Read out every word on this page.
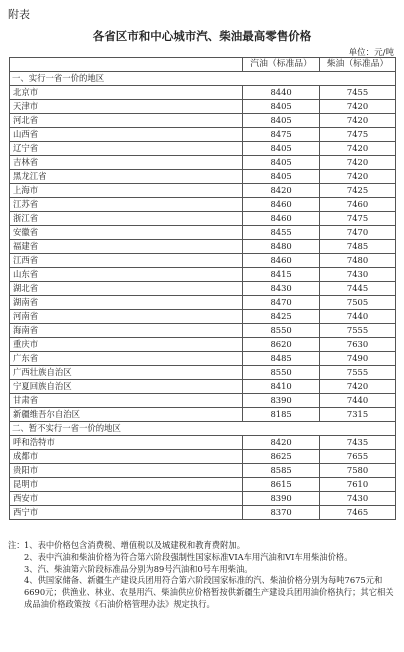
附表
各省区市和中心城市汽、柴油最高零售价格
单位：元/吨
	汽油（标准品）	柴油（标准品）
一、实行一省一价的地区		
北京市	8440	7455
天津市	8405	7420
河北省	8405	7420
山西省	8475	7475
辽宁省	8405	7420
吉林省	8405	7420
黑龙江省	8405	7420
上海市	8420	7425
江苏省	8460	7460
浙江省	8460	7475
安徽省	8455	7470
福建省	8480	7485
江西省	8460	7480
山东省	8415	7430
湖北省	8430	7445
湖南省	8470	7505
河南省	8425	7440
海南省	8550	7555
重庆市	8620	7630
广东省	8485	7490
广西壮族自治区	8550	7555
宁夏回族自治区	8410	7420
甘肃省	8390	7440
新疆维吾尔自治区	8185	7315
二、暂不实行一省一价的地区		
呼和浩特市	8420	7435
成都市	8625	7655
贵阳市	8585	7580
昆明市	8615	7610
西安市	8390	7430
西宁市	8370	7465

注：1、表中价格包含消费税、增值税以及城建税和教育费附加。

2、表中汽油和柴油价格为符合第六阶段强制性国家标准VIA车用汽油和VI车用柴油价格。

3、汽、柴油第六阶段标准品分别为89号汽油和0号车用柴油。

4、供国家储备、新疆生产建设兵团用符合第六阶段国家标准的汽、柴油价格分别为每吨7675元和6690元；供渔业、林业、农垦用汽、柴油供应价格暂按供新疆生产建设兵团用油价格执行；其它相关成品油价格政策按《石油价格管理办法》规定执行。
